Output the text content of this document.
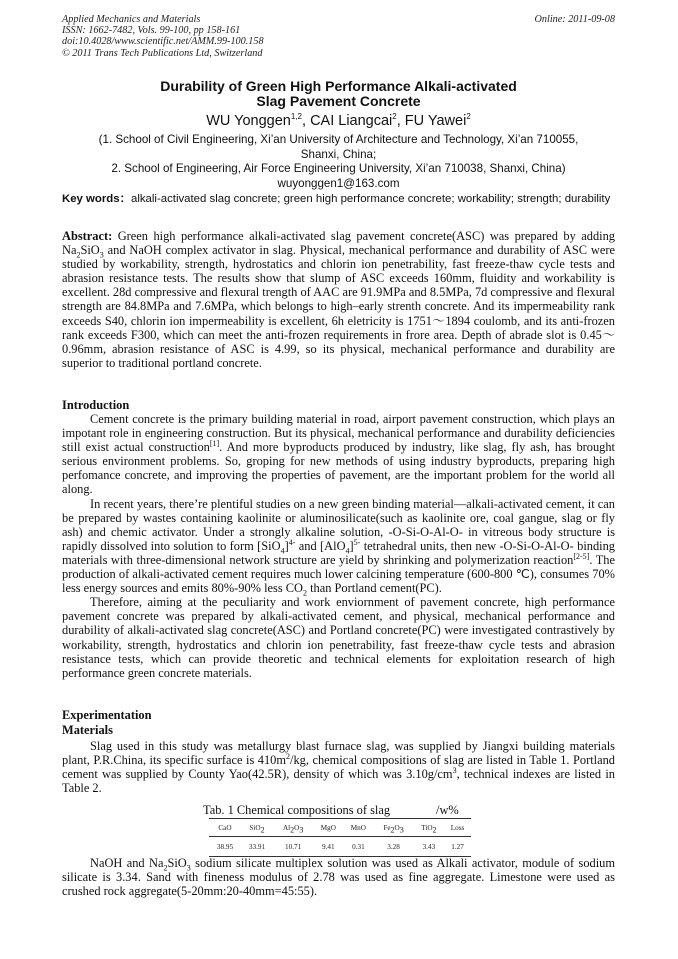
Applied Mechanics and Materials
ISSN: 1662-7482, Vols. 99-100, pp 158-161
doi:10.4028/www.scientific.net/AMM.99-100.158
© 2011 Trans Tech Publications Ltd, Switzerland
Online: 2011-09-08
Durability of Green High Performance Alkali-activated
Slag Pavement Concrete
WU Yonggen$^{1,2}$, CAI Liangcai$^2$, FU Yawei$^2$
(1. School of Civil Engineering, Xi’an University of Architecture and Technology, Xi’an 710055,
Shanxi, China;
2. School of Engineering, Air Force Engineering University, Xi’an 710038, Shanxi, China)
wuyonggen1@163.com
Key words：alkali-activated slag concrete; green high performance concrete; workability; strength; durability

Abstract: Green high performance alkali-activated slag pavement concrete(ASC) was prepared by adding $Na_2SiO_3$ and NaOH complex activator in slag. Physical, mechanical performance and durability of ASC were studied by workability, strength, hydrostatics and chlorin ion penetrability, fast freeze-thaw cycle tests and abrasion resistance tests. The results show that slump of ASC exceeds 160mm, fluidity and workability is excellent. 28d compressive and flexural trength of AAC are 91.9MPa and 8.5MPa, 7d compressive and flexural strength are 84.8MPa and 7.6MPa, which belongs to high–early strenth concrete. And its impermeability rank exceeds S40, chlorin ion impermeability is excellent, 6h eletricity is 1751～1894 coulomb, and its anti-frozen rank exceeds F300, which can meet the anti-frozen requirements in frore area. Depth of abrade slot is 0.45～0.96mm, abrasion resistance of ASC is 4.99, so its physical, mechanical performance and durability are superior to traditional portland concrete.

Introduction

Cement concrete is the primary building material in road, airport pavement construction, which plays an impotant role in engineering construction. But its physical, mechanical performance and durability deficiencies still exist actual construction[1]. And more byproducts produced by industry, like slag, fly ash, has brought serious environment problems. So, groping for new methods of using industry byproducts, preparing high perfomance concrete, and improving the properties of pavement, are the important problem for the world all along.

In recent years, there’re plentiful studies on a new green binding material—alkali-activated cement, it can be prepared by wastes containing kaolinite or aluminosilicate(such as kaolinite ore, coal gangue, slag or fly ash) and chemic activator. Under a strongly alkaline solution, -O-Si-O-Al-O- in vitreous body structure is rapidly dissolved into solution to form $[SiO_4]^{4-}$ and $[AlO_4]^{5-}$ tetrahedral units, then new -O-Si-O-Al-O- binding materials with three-dimensional network structure are yield by shrinking and polymerization reaction[2-5]. The production of alkali-activated cement requires much lower calcining temperature (600-800 ℃), consumes 70% less energy sources and emits 80%-90% less $CO_2$ than Portland cement(PC).

Therefore, aiming at the peculiarity and work enviornment of pavement concrete, high performance pavement concrete was prepared by alkali-activated cement, and physical, mechanical performance and durability of alkali-activated slag concrete(ASC) and Portland concrete(PC) were investigated contrastively by workability, strength, hydrostatics and chlorin ion penetrability, fast freeze-thaw cycle tests and abrasion resistance tests, which can provide theoretic and technical elements for exploitation research of high performance green concrete materials.

Experimentation
Materials

Slag used in this study was metallurgy blast furnace slag, was supplied by Jiangxi building materials plant, P.R.China, its specific surface is $410m^2/kg$, chemical compositions of slag are listed in Table 1. Portland cement was supplied by County Yao(42.5R), density of which was $3.10g/cm^3$, technical indexes are listed in Table 2.

Tab. 1 Chemical compositions of slag	/w%
CaO	SiO$_2$	$Al_2O_3$	MgO	MnO	$Fe_2O_3$	TiO$_2$	Loss
38.95	33.91	10.71	9.41	0.31	3.28	3.43	1.27

NaOH and $Na_2SiO_3$ sodium silicate multiplex solution was used as Alkali activator, module of sodium silicate is 3.34. Sand with fineness modulus of 2.78 was used as fine aggregate. Limestone were used as crushed rock aggregate(5-20mm:20-40mm=45:55).
